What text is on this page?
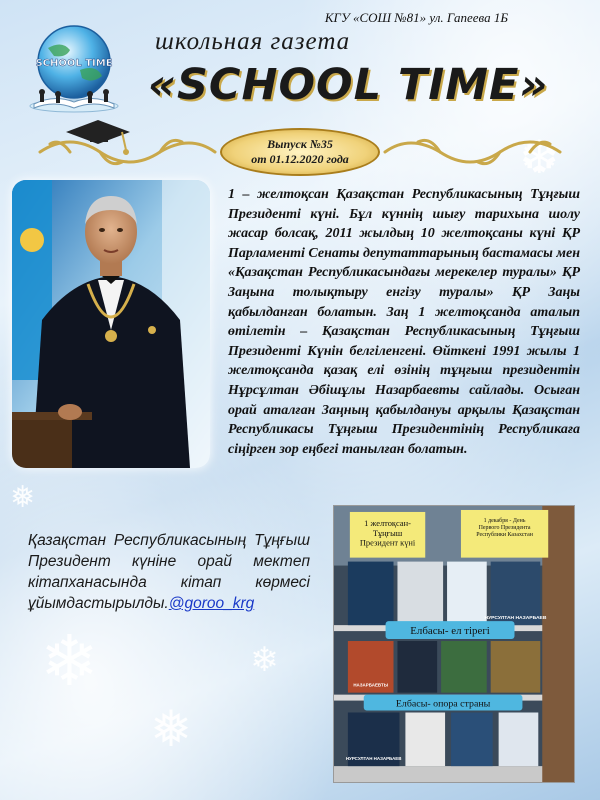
❄
❅
❆
❄
❅
КГУ «СОШ №81» ул. Гапеева 1Б
SCHOOL TIME
школьная газета
«SCHOOL TIME»
Выпуск №35
от 01.12.2020 года
1 – желтоқсан Қазақстан Республикасының Тұңғыш Президенті күні. Бұл күннің шығу тарихына шолу жасар болсақ, 2011 жылдың 10 желтоқсаны күні ҚР Парламенті Сенаты депутаттарының бастамасы мен «Қазақстан Республикасындағы мерекелер туралы» ҚР Заңына толықтыру енгізу туралы» ҚР Заңы қабылданған болатын. Заң 1 желтоқсанда аталып өтілетін – Қазақстан Республикасының Тұңғыш Президенті Күнін белгіленгені. Өйткені 1991 жылы 1 желтоқсанда қазақ елі өзінің тұңғыш президентін Нұрсұлтан Әбішұлы Назарбаевты сайлады. Осыған орай аталған Заңның қабылдануы арқылы Қазақстан Республикасы Тұңғыш Президентінің Республикаға сіңірген зор еңбегі танылған болатын.
Қазақстан Республикасының Тұңғыш Президент күніне орай мектеп кітапханасында кітап көрмесі ұйымдастырылды.@goroo_krg
1 желтоқсан-Тұңғыш Президент күні
1 декабря - День Первого Президента Республики Казахстан
НУРСУЛТАН НАЗАРБАЕВ
Елбасы- ел тірегі
НАЗАРБАЕВТЫ
Елбасы- опора страны
НУРСУЛТАН НАЗАРБАЕВ
